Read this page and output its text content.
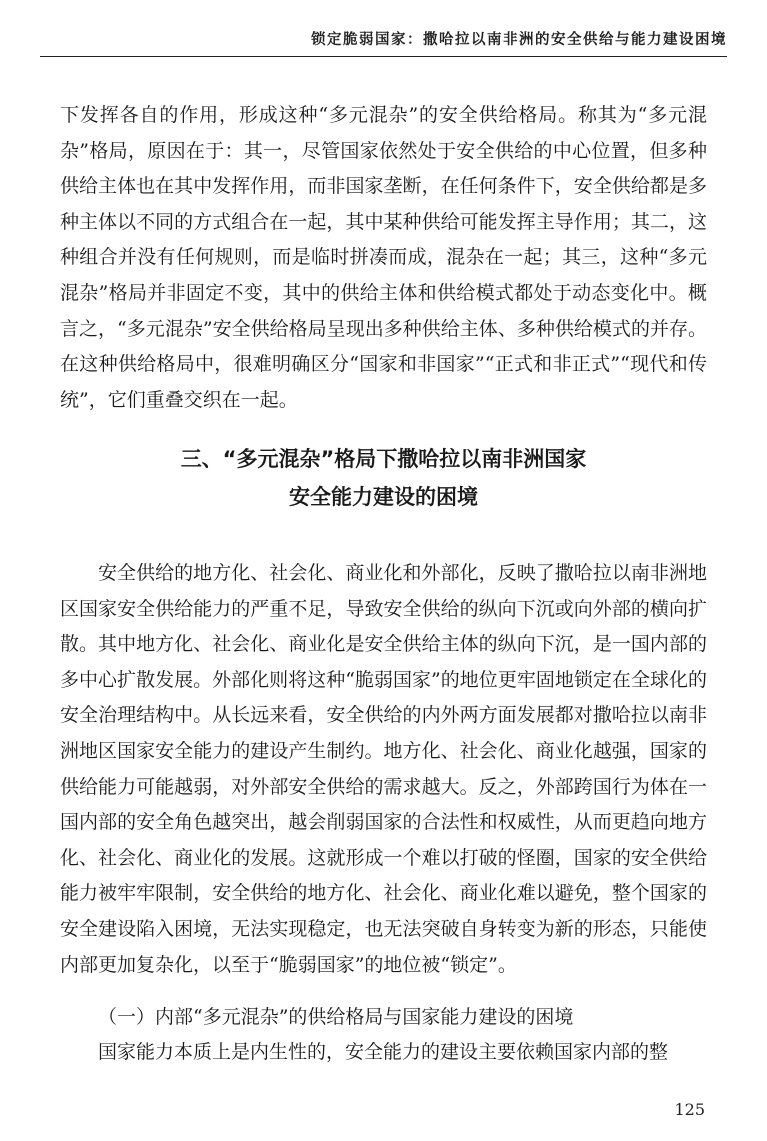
锁定脆弱国家：撒哈拉以南非洲的安全供给与能力建设困境

下发挥各自的作用，形成这种“多元混杂”的安全供给格局。称其为“多元混杂”格局，原因在于：其一，尽管国家依然处于安全供给的中心位置，但多种供给主体也在其中发挥作用，而非国家垄断，在任何条件下，安全供给都是多种主体以不同的方式组合在一起，其中某种供给可能发挥主导作用；其二，这种组合并没有任何规则，而是临时拼凑而成，混杂在一起；其三，这种“多元混杂”格局并非固定不变，其中的供给主体和供给模式都处于动态变化中。概言之，“多元混杂”安全供给格局呈现出多种供给主体、多种供给模式的并存。在这种供给格局中，很难明确区分“国家和非国家”“正式和非正式”“现代和传统”，它们重叠交织在一起。

三、“多元混杂”格局下撒哈拉以南非洲国家
安全能力建设的困境

安全供给的地方化、社会化、商业化和外部化，反映了撒哈拉以南非洲地区国家安全供给能力的严重不足，导致安全供给的纵向下沉或向外部的横向扩散。其中地方化、社会化、商业化是安全供给主体的纵向下沉，是一国内部的多中心扩散发展。外部化则将这种“脆弱国家”的地位更牢固地锁定在全球化的安全治理结构中。从长远来看，安全供给的内外两方面发展都对撒哈拉以南非洲地区国家安全能力的建设产生制约。地方化、社会化、商业化越强，国家的供给能力可能越弱，对外部安全供给的需求越大。反之，外部跨国行为体在一国内部的安全角色越突出，越会削弱国家的合法性和权威性，从而更趋向地方化、社会化、商业化的发展。这就形成一个难以打破的怪圈，国家的安全供给能力被牢牢限制，安全供给的地方化、社会化、商业化难以避免，整个国家的安全建设陷入困境，无法实现稳定，也无法突破自身转变为新的形态，只能使内部更加复杂化，以至于“脆弱国家”的地位被“锁定”。

（一）内部“多元混杂”的供给格局与国家能力建设的困境

国家能力本质上是内生性的，安全能力的建设主要依赖国家内部的整

125
